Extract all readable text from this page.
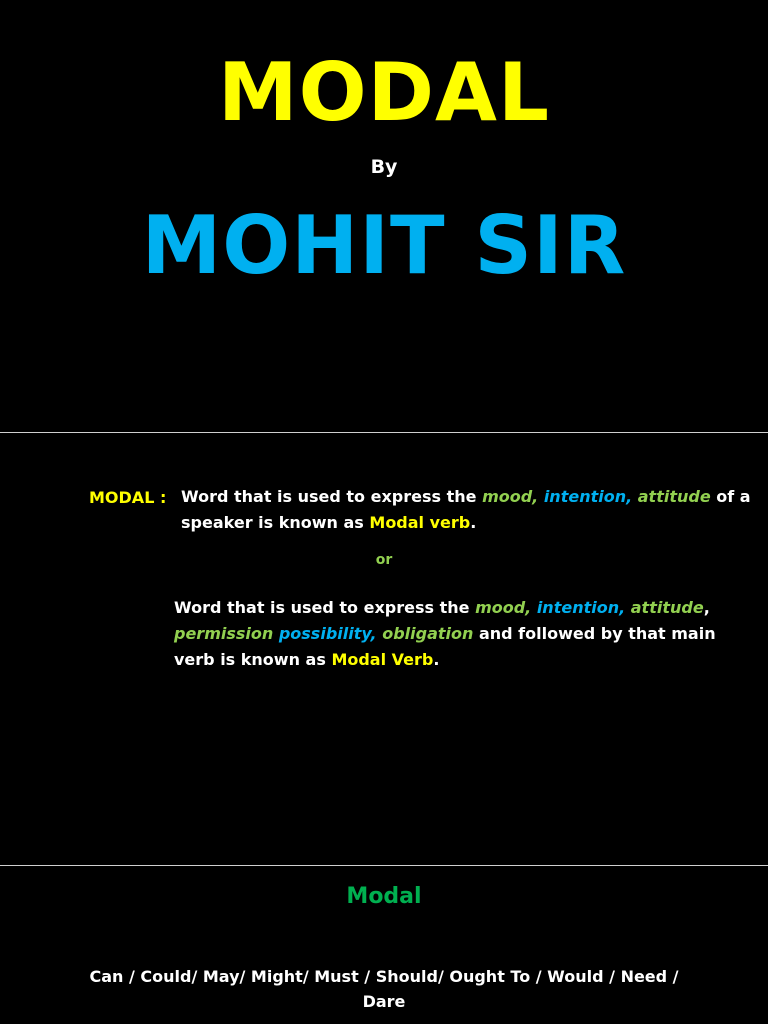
MODAL
By
MOHIT SIR
MODAL : Word that is used to express the mood, intention, attitude of a speaker is known as Modal verb.
or
Word that is used to express the mood, intention, attitude, permission possibility, obligation and followed by that main verb is known as Modal Verb.
Modal
Can / Could/ May/ Might/ Must / Should/ Ought To / Would / Need / Dare
